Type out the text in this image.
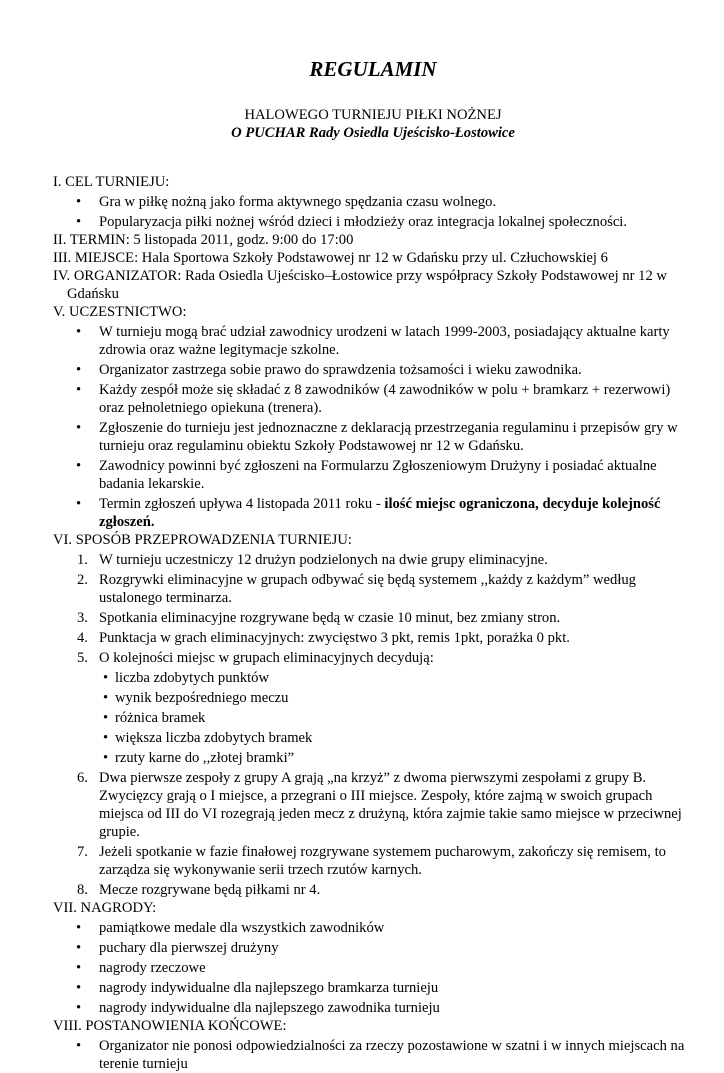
REGULAMIN
HALOWEGO TURNIEJU PIŁKI NOŻNEJ
O PUCHAR Rady Osiedla Ujeścisko-Łostowice
I. CEL TURNIEJU:
• Gra w piłkę nożną jako forma aktywnego spędzania czasu wolnego.
• Popularyzacja piłki nożnej wśród dzieci i młodzieży oraz integracja lokalnej społeczności.
II. TERMIN: 5 listopada 2011, godz. 9:00 do 17:00
III. MIEJSCE: Hala Sportowa Szkoły Podstawowej nr 12 w Gdańsku przy ul. Człuchowskiej 6
IV. ORGANIZATOR: Rada Osiedla Ujeścisko–Łostowice przy współpracy Szkoły Podstawowej nr 12 w Gdańsku
V. UCZESTNICTWO:
• W turnieju mogą brać udział zawodnicy urodzeni w latach 1999-2003, posiadający aktualne karty zdrowia oraz ważne legitymacje szkolne.
• Organizator zastrzega sobie prawo do sprawdzenia tożsamości i wieku zawodnika.
• Każdy zespół może się składać z 8 zawodników (4 zawodników w polu + bramkarz + rezerwowi) oraz pełnoletniego opiekuna (trenera).
• Zgłoszenie do turnieju jest jednoznaczne z deklaracją przestrzegania regulaminu i przepisów gry w turnieju oraz regulaminu obiektu Szkoły Podstawowej nr 12 w Gdańsku.
• Zawodnicy powinni być zgłoszeni na Formularzu Zgłoszeniowym Drużyny i posiadać aktualne badania lekarskie.
• Termin zgłoszeń upływa 4 listopada 2011 roku - ilość miejsc ograniczona, decyduje kolejność zgłoszeń.
VI. SPOSÓB PRZEPROWADZENIA TURNIEJU:
1. W turnieju uczestniczy 12 drużyn podzielonych na dwie grupy eliminacyjne.
2. Rozgrywki eliminacyjne w grupach odbywać się będą systemem ,,każdy z każdym” według ustalonego terminarza.
3. Spotkania eliminacyjne rozgrywane będą w czasie 10 minut, bez zmiany stron.
4. Punktacja w grach eliminacyjnych: zwycięstwo 3 pkt, remis 1pkt, porażka 0 pkt.
5. O kolejności miejsc w grupach eliminacyjnych decydują:
• liczba zdobytych punktów
• wynik bezpośredniego meczu
• różnica bramek
• większa liczba zdobytych bramek
• rzuty karne do ,,złotej bramki”
6. Dwa pierwsze zespoły z grupy A grają „na krzyż” z dwoma pierwszymi zespołami z grupy B. Zwycięzcy grają o I miejsce, a przegrani o III miejsce. Zespoły, które zajmą w swoich grupach miejsca od III do VI rozegrają jeden mecz z drużyną, która zajmie takie samo miejsce w przeciwnej grupie.
7. Jeżeli spotkanie w fazie finałowej rozgrywane systemem pucharowym, zakończy się remisem, to zarządza się wykonywanie serii trzech rzutów karnych.
8. Mecze rozgrywane będą piłkami nr 4.
VII. NAGRODY:
• pamiątkowe medale dla wszystkich zawodników
• puchary dla pierwszej drużyny
• nagrody rzeczowe
• nagrody indywidualne dla najlepszego bramkarza turnieju
• nagrody indywidualne dla najlepszego zawodnika turnieju
VIII. POSTANOWIENIA KOŃCOWE:
• Organizator nie ponosi odpowiedzialności za rzeczy pozostawione w szatni i w innych miejscach na terenie turnieju
